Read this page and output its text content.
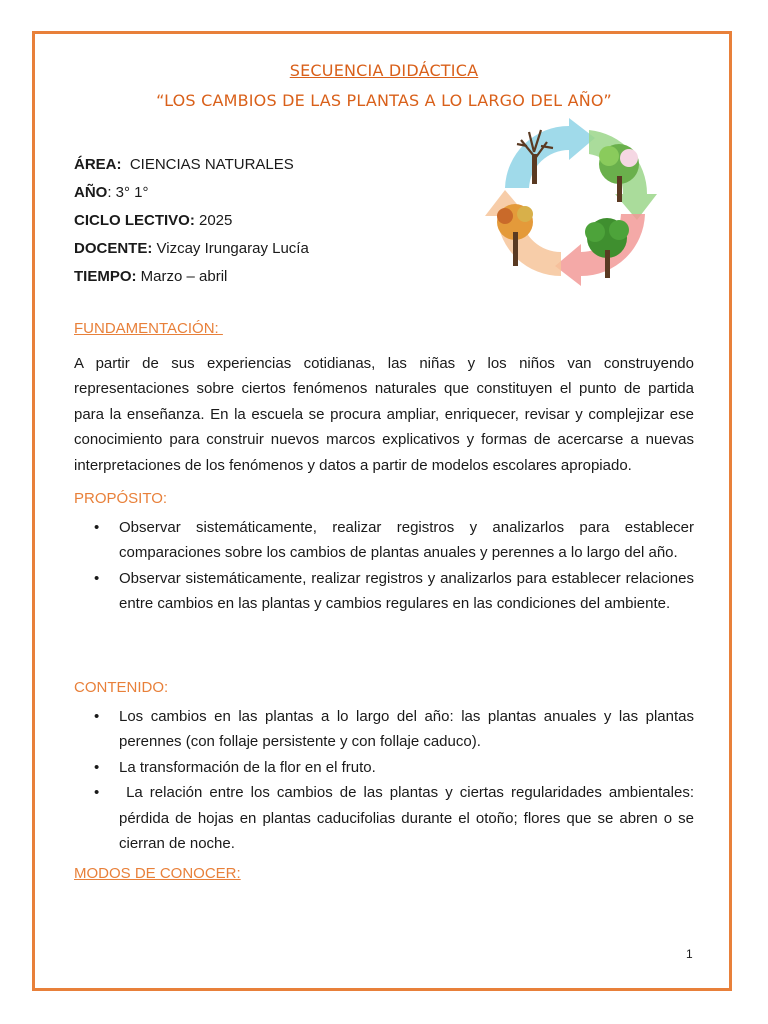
SECUENCIA DIDÁCTICA
“LOS CAMBIOS DE LAS PLANTAS A LO LARGO DEL AÑO”
ÁREA:  CIENCIAS NATURALES
AÑO: 3° 1°
CICLO LECTIVO: 2025
DOCENTE: Vizcay Irungaray Lucía
TIEMPO: Marzo – abril
FUNDAMENTACIÓN:
A partir de sus experiencias cotidianas, las niñas y los niños van construyendo representaciones sobre ciertos fenómenos naturales que constituyen el punto de partida para la enseñanza. En la escuela se procura ampliar, enriquecer, revisar y complejizar ese conocimiento para construir nuevos marcos explicativos y formas de acercarse a nuevas interpretaciones de los fenómenos y datos a partir de modelos escolares apropiado.
PROPÓSITO:
• Observar sistemáticamente, realizar registros y analizarlos para establecer comparaciones sobre los cambios de plantas anuales y perennes a lo largo del año.
• Observar sistemáticamente, realizar registros y analizarlos para establecer relaciones entre cambios en las plantas y cambios regulares en las condiciones del ambiente.
CONTENIDO:
• Los cambios en las plantas a lo largo del año: las plantas anuales y las plantas perennes (con follaje persistente y con follaje caduco).
• La transformación de la flor en el fruto.
• La relación entre los cambios de las plantas y ciertas regularidades ambientales: pérdida de hojas en plantas caducifolias durante el otoño; flores que se abren o se cierran de noche.
MODOS DE CONOCER:
1
